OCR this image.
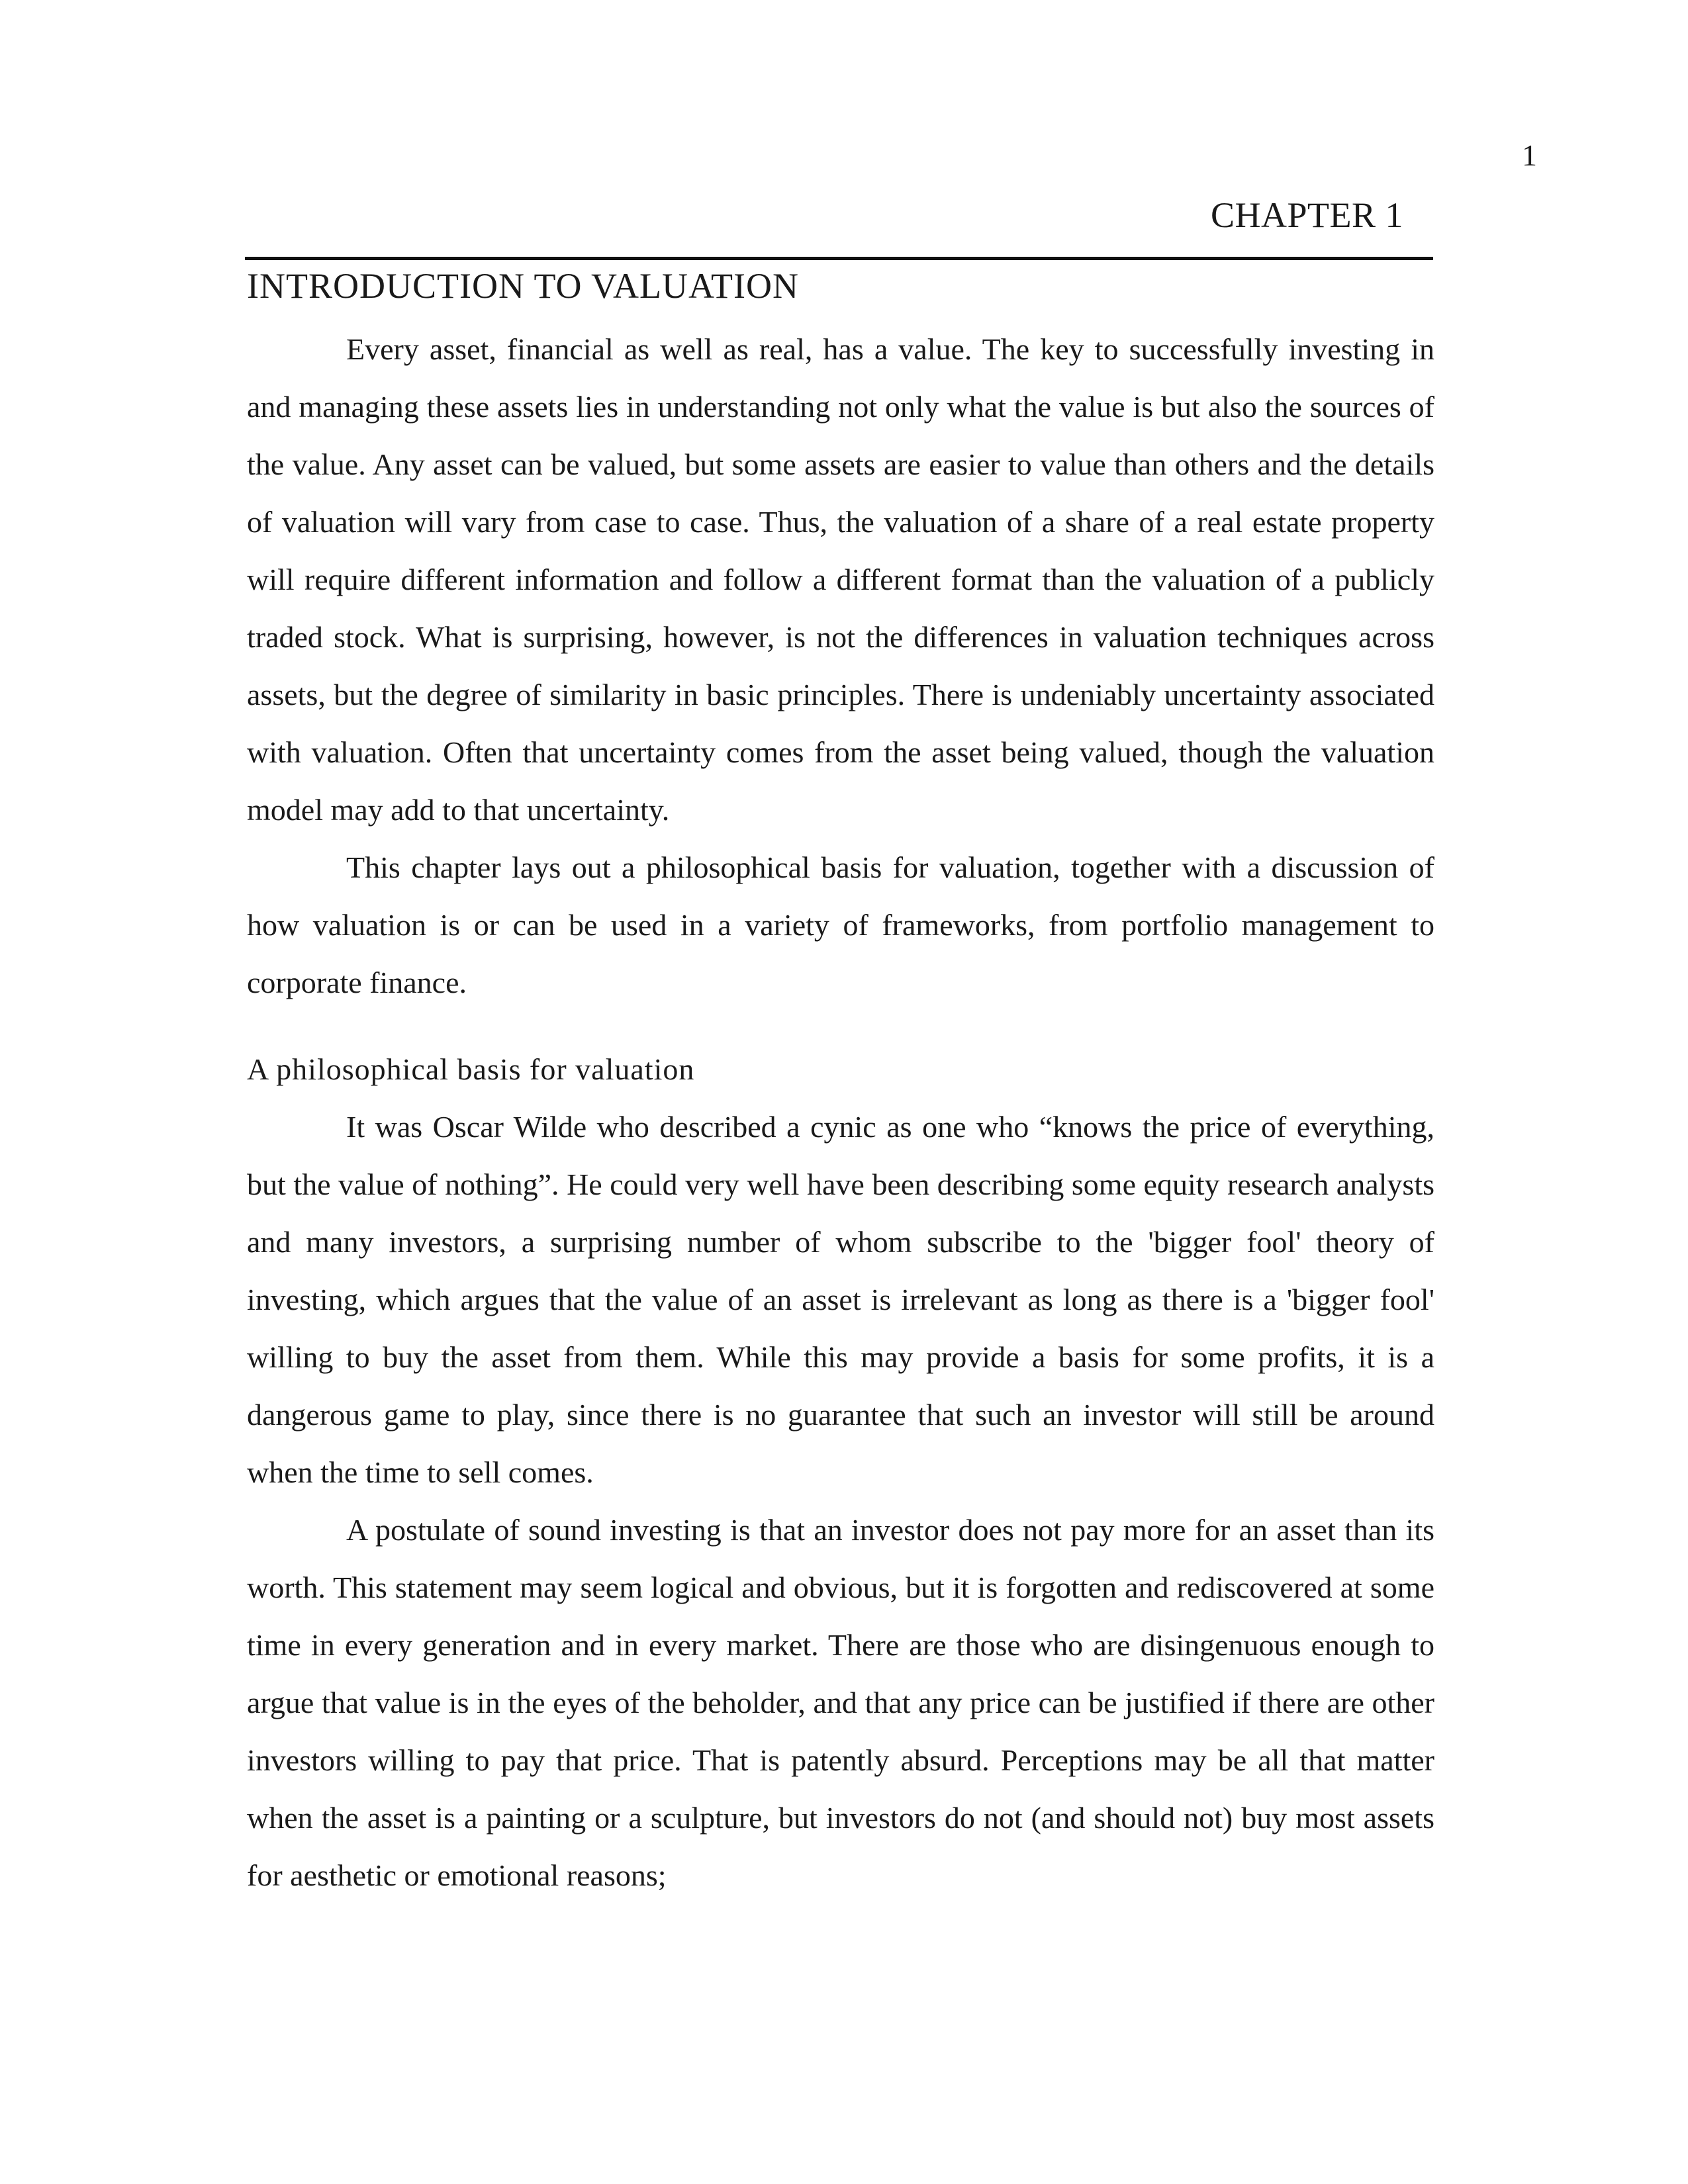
1
CHAPTER 1
INTRODUCTION TO VALUATION

Every asset, financial as well as real, has a value. The key to successfully investing in and managing these assets lies in understanding not only what the value is but also the sources of the value. Any asset can be valued, but some assets are easier to value than others and the details of valuation will vary from case to case. Thus, the valuation of a share of a real estate property will require different information and follow a different format than the valuation of a publicly traded stock. What is surprising, however, is not the differences in valuation techniques across assets, but the degree of similarity in basic principles. There is undeniably uncertainty associated with valuation. Often that uncertainty comes from the asset being valued, though the valuation model may add to that uncertainty.

This chapter lays out a philosophical basis for valuation, together with a discussion of how valuation is or can be used in a variety of frameworks, from portfolio management to corporate finance.

A philosophical basis for valuation

It was Oscar Wilde who described a cynic as one who “knows the price of everything, but the value of nothing”. He could very well have been describing some equity research analysts and many investors, a surprising number of whom subscribe to the 'bigger fool' theory of investing, which argues that the value of an asset is irrelevant as long as there is a 'bigger fool' willing to buy the asset from them. While this may provide a basis for some profits, it is a dangerous game to play, since there is no guarantee that such an investor will still be around when the time to sell comes.

A postulate of sound investing is that an investor does not pay more for an asset than its worth. This statement may seem logical and obvious, but it is forgotten and rediscovered at some time in every generation and in every market. There are those who are disingenuous enough to argue that value is in the eyes of the beholder, and that any price can be justified if there are other investors willing to pay that price. That is patently absurd. Perceptions may be all that matter when the asset is a painting or a sculpture, but investors do not (and should not) buy most assets for aesthetic or emotional reasons;
